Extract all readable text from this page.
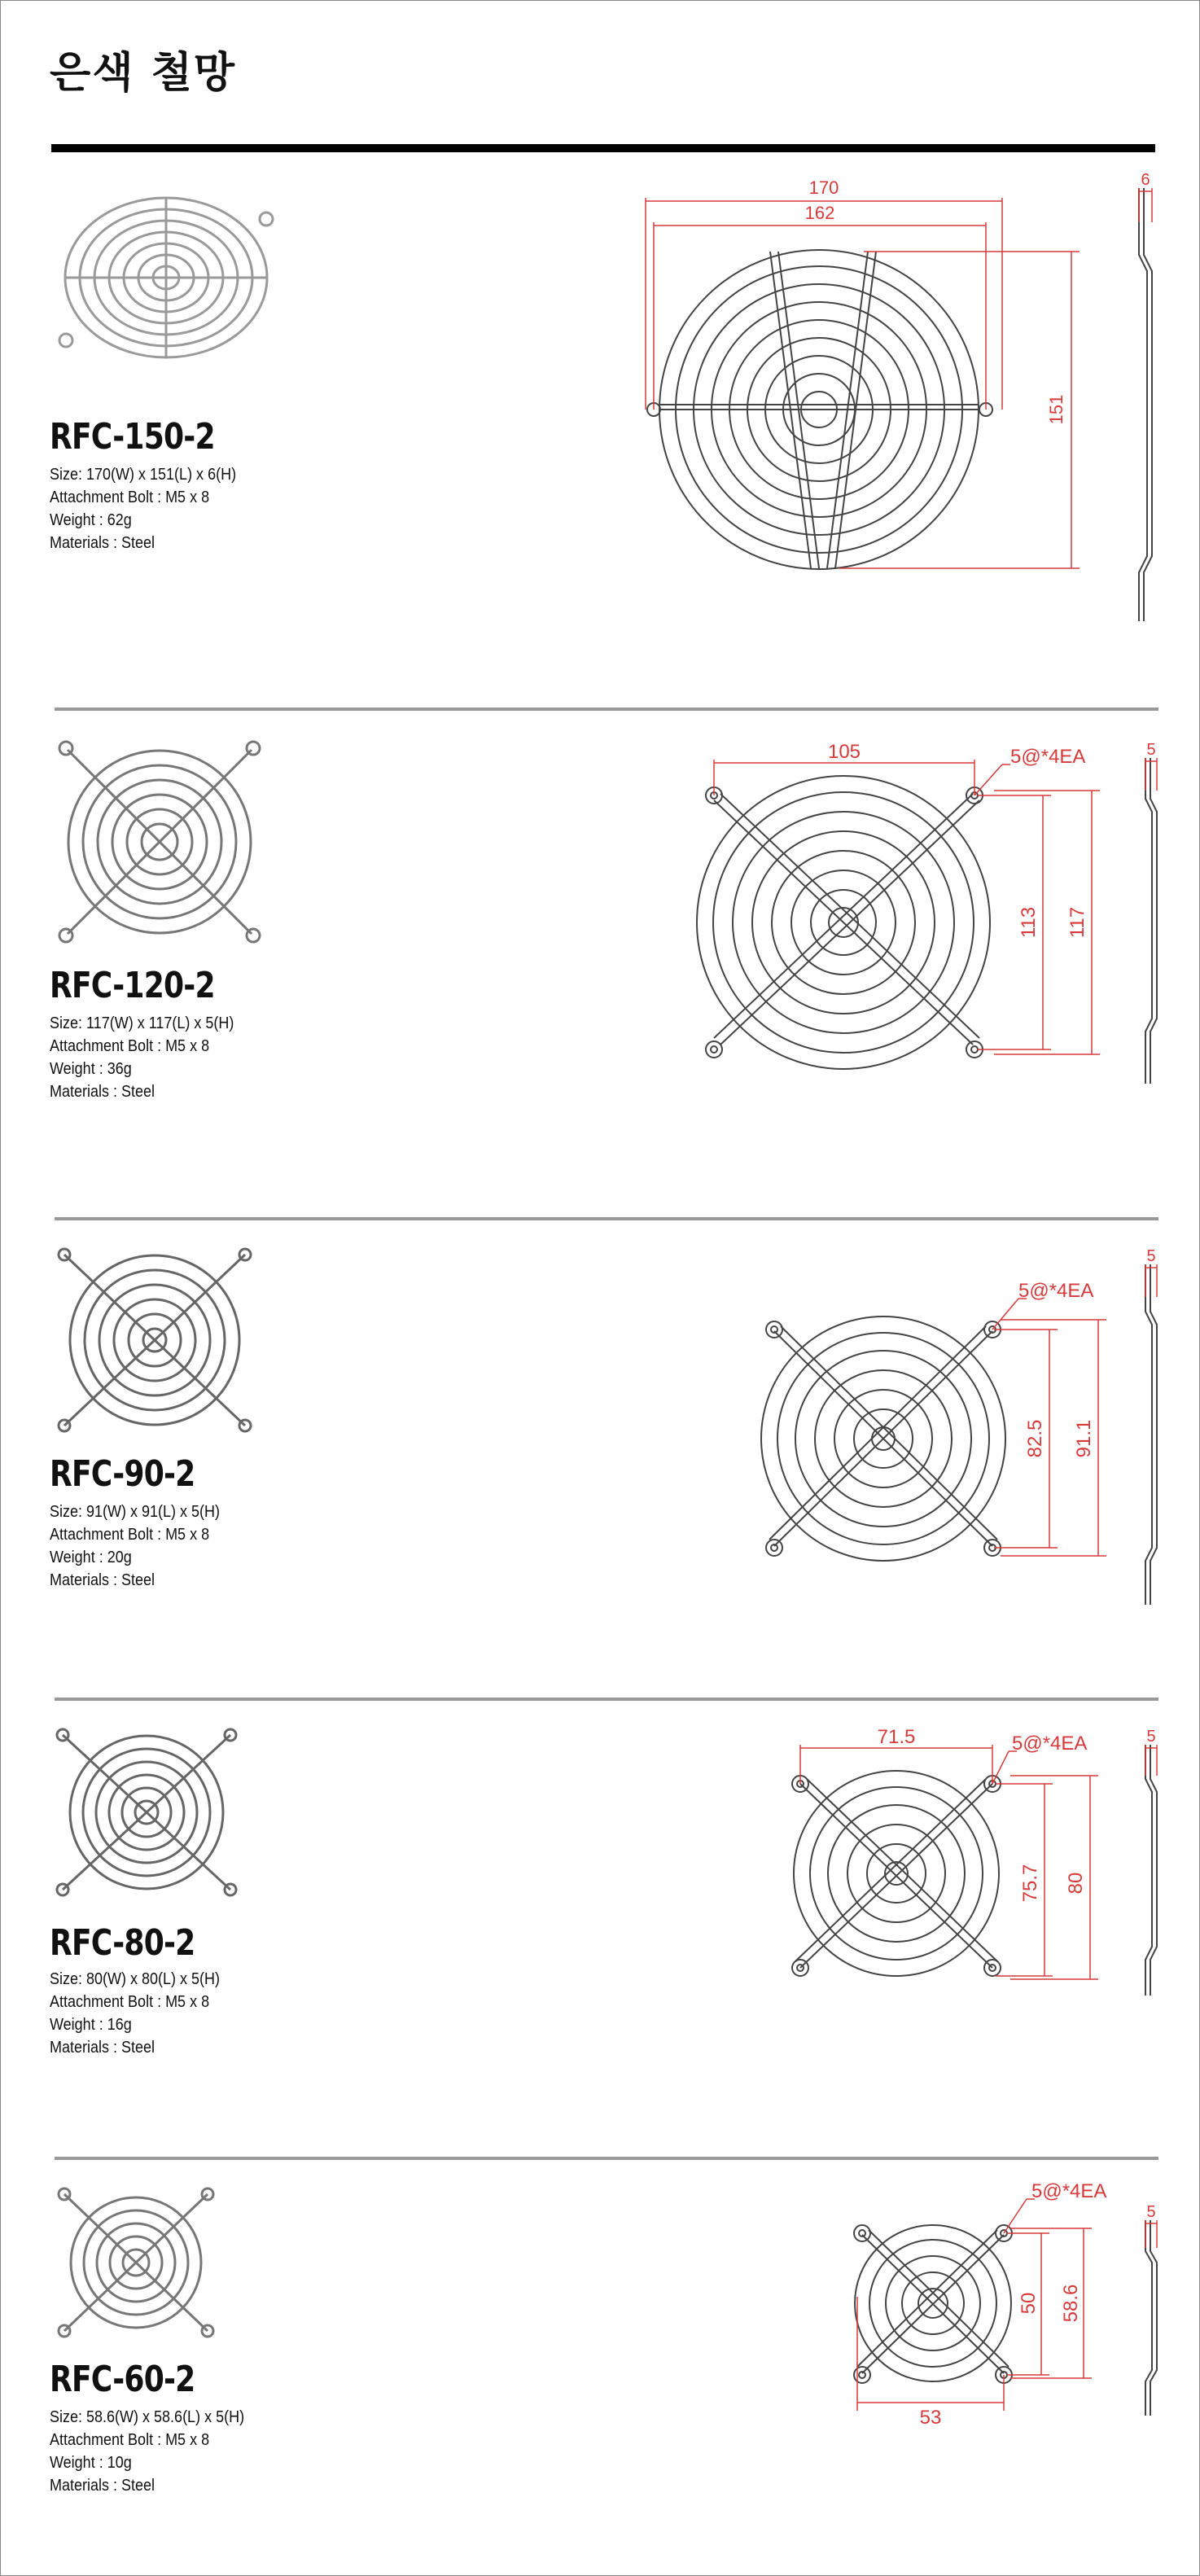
은색 철망
RFC-150-2
Size: 170(W) x 151(L) x 6(H)
Attachment Bolt : M5 x 8
Weight : 62g
Materials : Steel
170
162
151
6
RFC-120-2
Size: 117(W) x 117(L) x 5(H)
Attachment Bolt : M5 x 8
Weight : 36g
Materials : Steel
105	5@*4EA
113 117
5
RFC-90-2
Size: 91(W) x 91(L) x 5(H)
Attachment Bolt : M5 x 8
Weight : 20g
Materials : Steel
5@*4EA
82.5 91.1
5
RFC-80-2
Size: 80(W) x 80(L) x 5(H)
Attachment Bolt : M5 x 8
Weight : 16g
Materials : Steel
71.5	5@*4EA
75.7 80
5
RFC-60-2
Size: 58.6(W) x 58.6(L) x 5(H)
Attachment Bolt : M5 x 8
Weight : 10g
Materials : Steel
5@*4EA
50 58.6
53
5
